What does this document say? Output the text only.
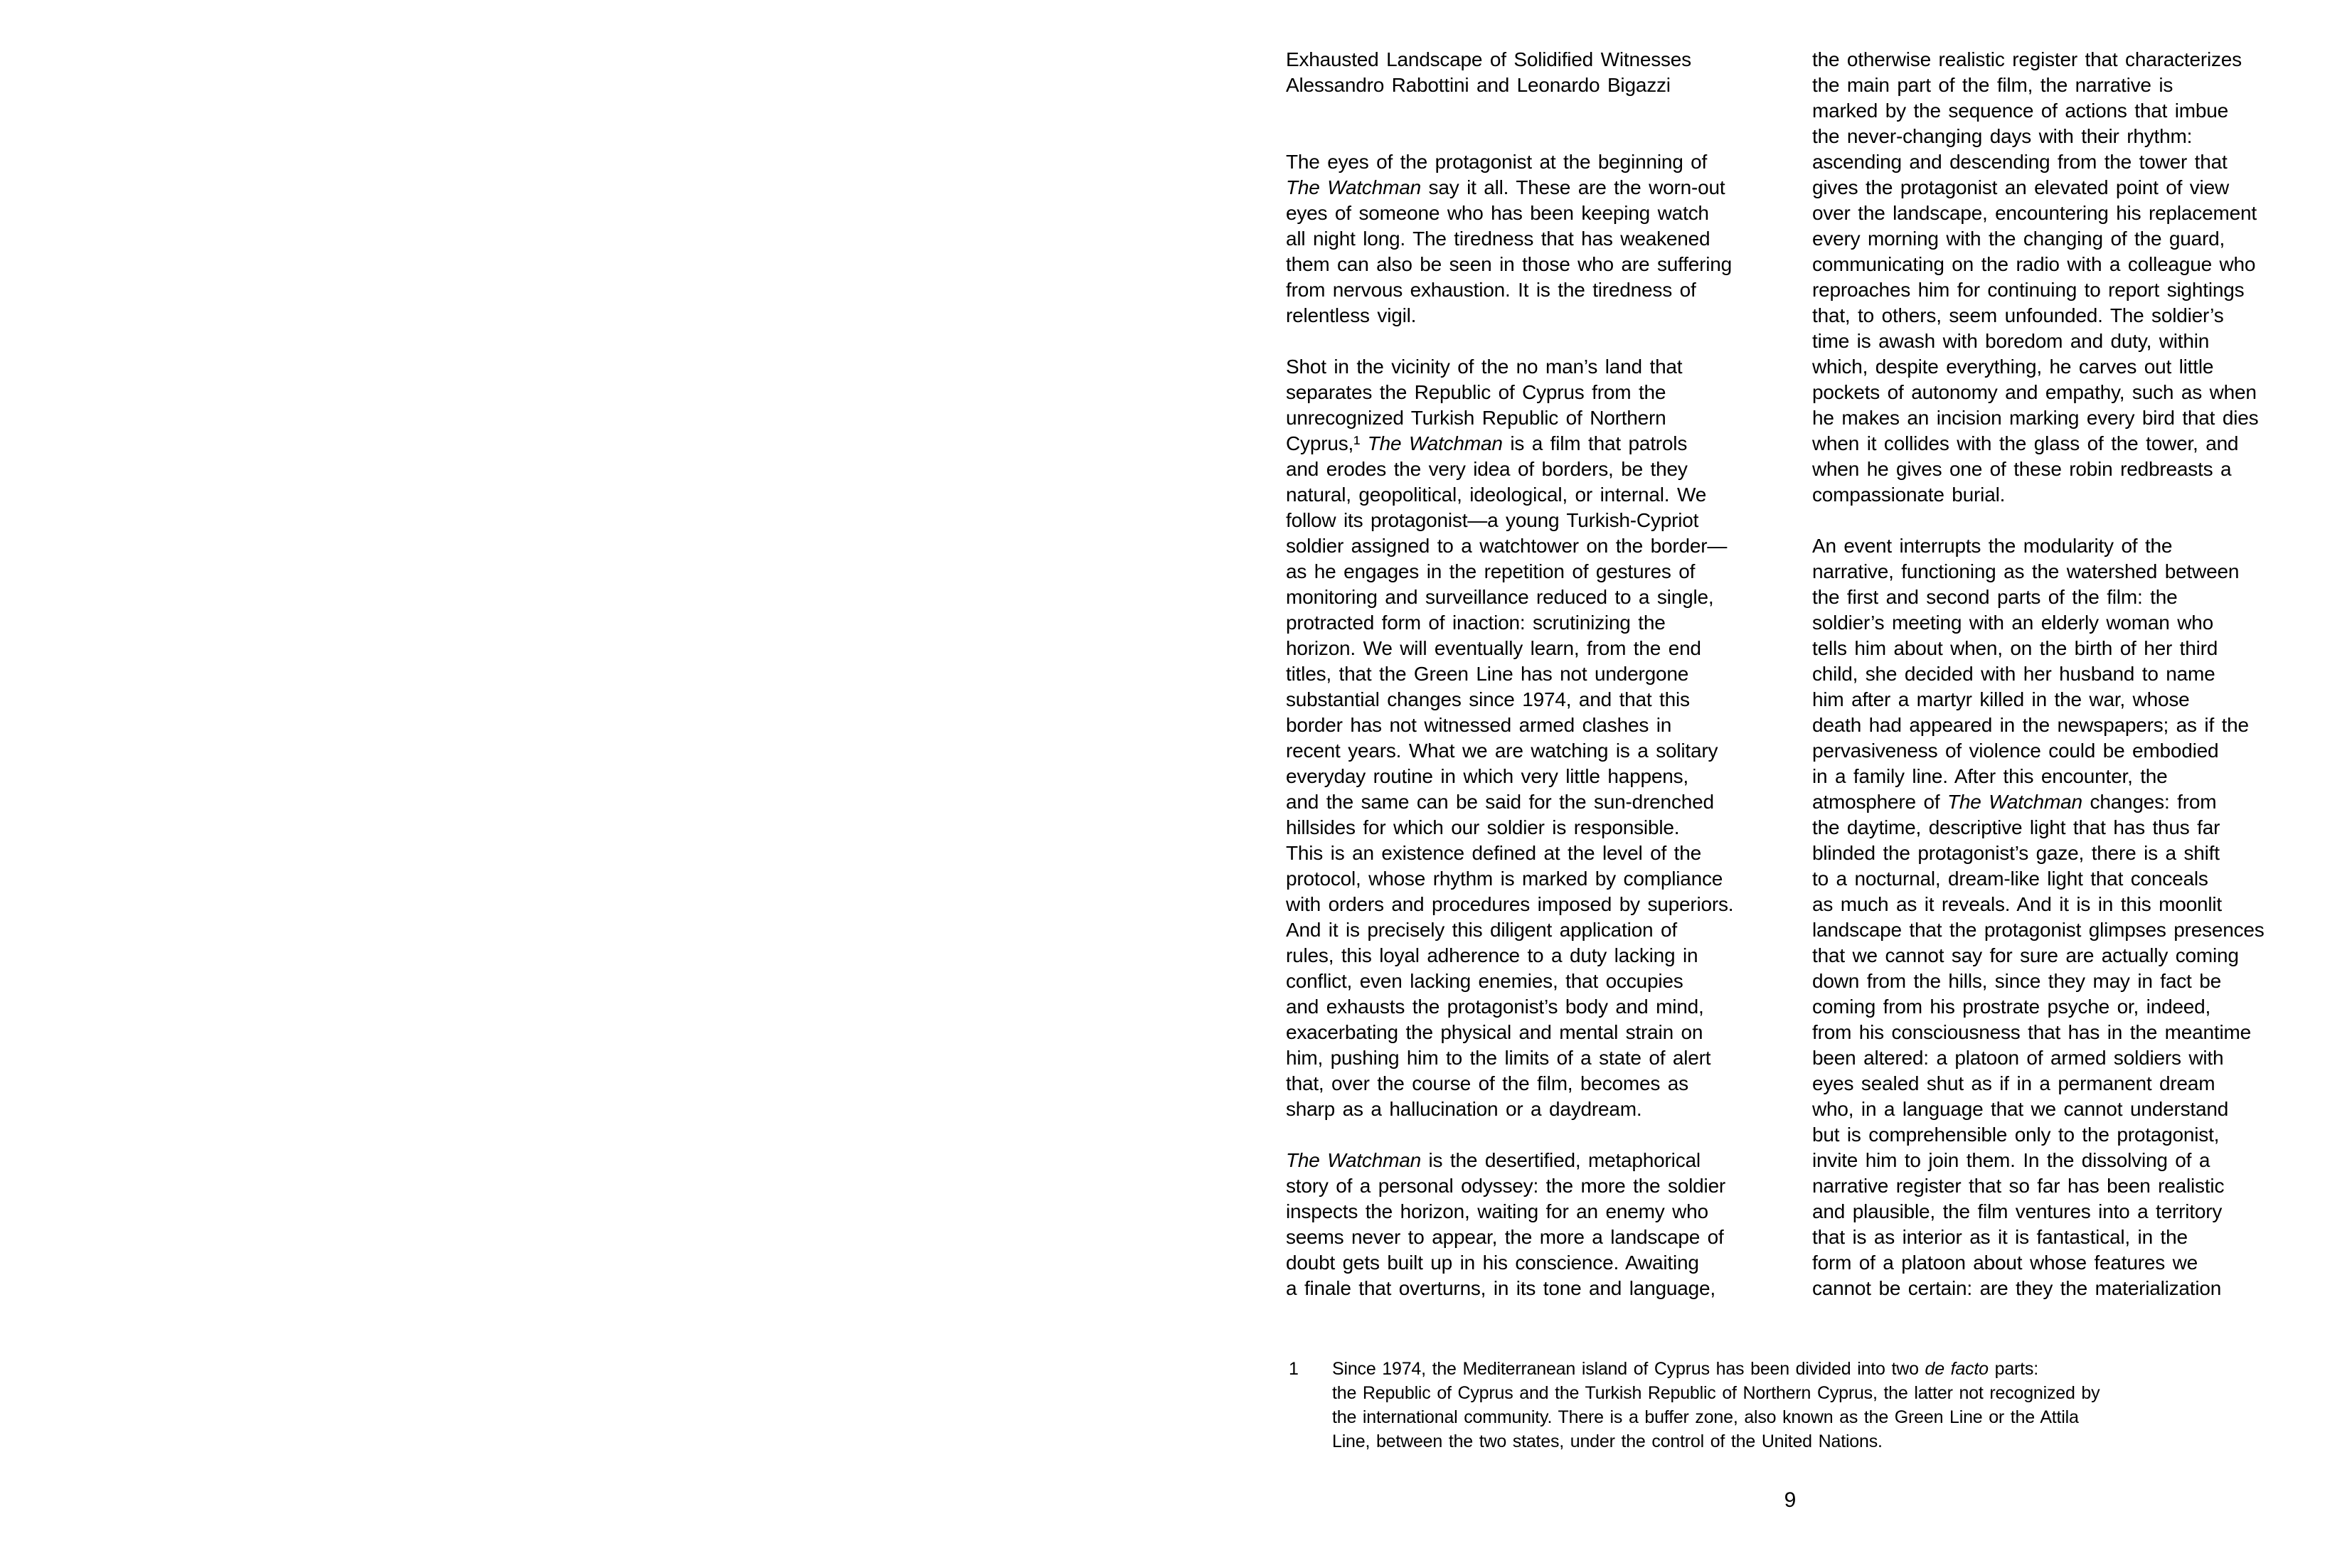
Exhausted Landscape of Solidified Witnesses
Alessandro Rabottini and Leonardo Bigazzi

The eyes of the protagonist at the beginning of
The Watchman say it all. These are the worn-out
eyes of someone who has been keeping watch
all night long. The tiredness that has weakened
them can also be seen in those who are suffering
from nervous exhaustion. It is the tiredness of
relentless vigil.

Shot in the vicinity of the no man’s land that
separates the Republic of Cyprus from the
unrecognized Turkish Republic of Northern
Cyprus,¹ The Watchman is a film that patrols
and erodes the very idea of borders, be they
natural, geopolitical, ideological, or internal. We
follow its protagonist—a young Turkish-Cypriot
soldier assigned to a watchtower on the border—
as he engages in the repetition of gestures of
monitoring and surveillance reduced to a single,
protracted form of inaction: scrutinizing the
horizon. We will eventually learn, from the end
titles, that the Green Line has not undergone
substantial changes since 1974, and that this
border has not witnessed armed clashes in
recent years. What we are watching is a solitary
everyday routine in which very little happens,
and the same can be said for the sun-drenched
hillsides for which our soldier is responsible.
This is an existence defined at the level of the
protocol, whose rhythm is marked by compliance
with orders and procedures imposed by superiors.
And it is precisely this diligent application of
rules, this loyal adherence to a duty lacking in
conflict, even lacking enemies, that occupies
and exhausts the protagonist’s body and mind,
exacerbating the physical and mental strain on
him, pushing him to the limits of a state of alert
that, over the course of the film, becomes as
sharp as a hallucination or a daydream.

The Watchman is the desertified, metaphorical
story of a personal odyssey: the more the soldier
inspects the horizon, waiting for an enemy who
seems never to appear, the more a landscape of
doubt gets built up in his conscience. Awaiting
a finale that overturns, in its tone and language,

the otherwise realistic register that characterizes
the main part of the film, the narrative is
marked by the sequence of actions that imbue
the never-changing days with their rhythm:
ascending and descending from the tower that
gives the protagonist an elevated point of view
over the landscape, encountering his replacement
every morning with the changing of the guard,
communicating on the radio with a colleague who
reproaches him for continuing to report sightings
that, to others, seem unfounded. The soldier’s
time is awash with boredom and duty, within
which, despite everything, he carves out little
pockets of autonomy and empathy, such as when
he makes an incision marking every bird that dies
when it collides with the glass of the tower, and
when he gives one of these robin redbreasts a
compassionate burial.

An event interrupts the modularity of the
narrative, functioning as the watershed between
the first and second parts of the film: the
soldier’s meeting with an elderly woman who
tells him about when, on the birth of her third
child, she decided with her husband to name
him after a martyr killed in the war, whose
death had appeared in the newspapers; as if the
pervasiveness of violence could be embodied
in a family line. After this encounter, the
atmosphere of The Watchman changes: from
the daytime, descriptive light that has thus far
blinded the protagonist’s gaze, there is a shift
to a nocturnal, dream-like light that conceals
as much as it reveals. And it is in this moonlit
landscape that the protagonist glimpses presences
that we cannot say for sure are actually coming
down from the hills, since they may in fact be
coming from his prostrate psyche or, indeed,
from his consciousness that has in the meantime
been altered: a platoon of armed soldiers with
eyes sealed shut as if in a permanent dream
who, in a language that we cannot understand
but is comprehensible only to the protagonist,
invite him to join them. In the dissolving of a
narrative register that so far has been realistic
and plausible, the film ventures into a territory
that is as interior as it is fantastical, in the
form of a platoon about whose features we
cannot be certain: are they the materialization

1	Since 1974, the Mediterranean island of Cyprus has been divided into two de facto parts:
the Republic of Cyprus and the Turkish Republic of Northern Cyprus, the latter not recognized by
the international community. There is a buffer zone, also known as the Green Line or the Attila
Line, between the two states, under the control of the United Nations.
9
